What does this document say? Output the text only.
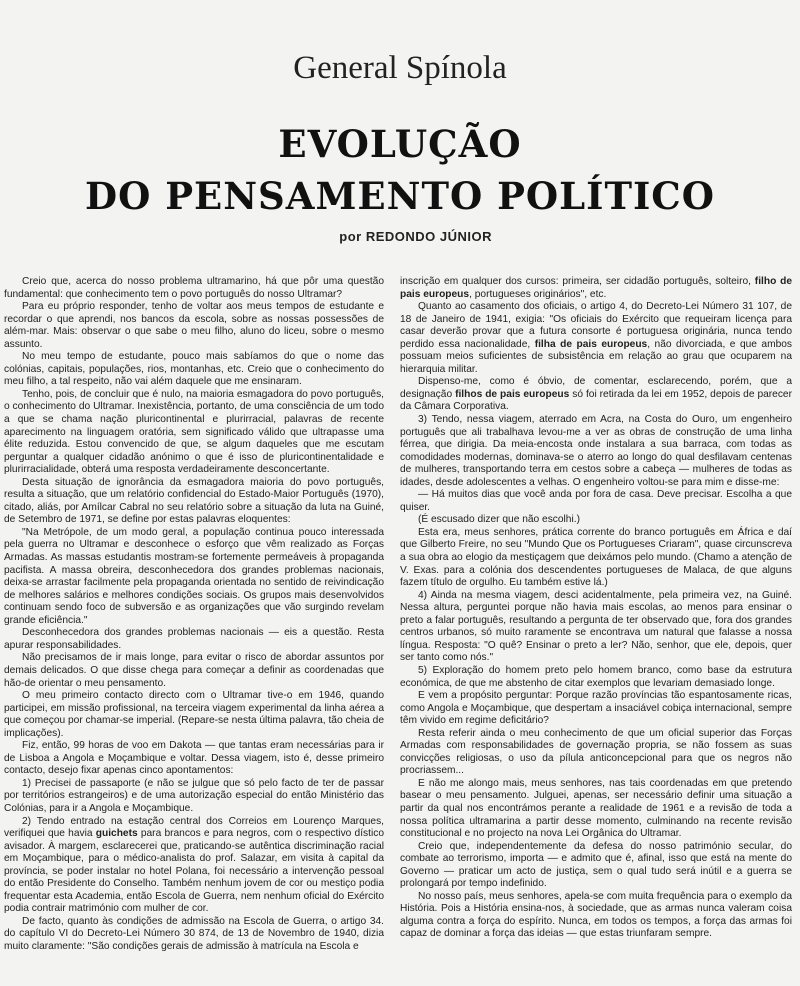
General Spínola
EVOLUÇÃO
DO PENSAMENTO POLÍTICO
por REDONDO JÚNIOR

Creio que, acerca do nosso problema ultramarino, há que pôr uma questão fundamental: que conhecimento tem o povo português do nosso Ultramar?

Para eu próprio responder, tenho de voltar aos meus tempos de estudante e recordar o que aprendi, nos bancos da escola, sobre as nossas possessões de além-mar. Mais: observar o que sabe o meu filho, aluno do liceu, sobre o mesmo assunto.

No meu tempo de estudante, pouco mais sabíamos do que o nome das colónias, capitais, populações, rios, montanhas, etc. Creio que o conhecimento do meu filho, a tal respeito, não vai além daquele que me ensinaram.

Tenho, pois, de concluir que é nulo, na maioria esmagadora do povo português, o conhecimento do Ultramar. Inexistência, portanto, de uma consciência de um todo a que se chama nação pluricontinental e plurirracial, palavras de recente aparecimento na linguagem oratória, sem significado válido que ultrapasse uma élite reduzida. Estou convencido de que, se algum daqueles que me escutam perguntar a qualquer cidadão anónimo o que é isso de pluricontinentalidade e plurirracialidade, obterá uma resposta verdadeiramente desconcertante.

Desta situação de ignorância da esmagadora maioria do povo português, resulta a situação, que um relatório confidencial do Estado-Maior Português (1970), citado, aliás, por Amílcar Cabral no seu relatório sobre a situação da luta na Guiné, de Setembro de 1971, se define por estas palavras eloquentes:

"Na Metrópole, de um modo geral, a população continua pouco interessada pela guerra no Ultramar e desconhece o esforço que vêm realizado as Forças Armadas. As massas estudantis mostram-se fortemente permeáveis à propaganda pacifista. A massa obreira, desconhecedora dos grandes problemas nacionais, deixa-se arrastar facilmente pela propaganda orientada no sentido de reivindicação de melhores salários e melhores condições sociais. Os grupos mais desenvolvidos continuam sendo foco de subversão e as organizações que vão surgindo revelam grande eficiência."

Desconhecedora dos grandes problemas nacionais — eis a questão. Resta apurar responsabilidades.

Não precisamos de ir mais longe, para evitar o risco de abordar assuntos por demais delicados. O que disse chega para começar a definir as coordenadas que hão-de orientar o meu pensamento.

O meu primeiro contacto directo com o Ultramar tive-o em 1946, quando participei, em missão profissional, na terceira viagem experimental da linha aérea a que começou por chamar-se imperial. (Repare-se nesta última palavra, tão cheia de implicações).

Fiz, então, 99 horas de voo em Dakota — que tantas eram necessárias para ir de Lisboa a Angola e Moçambique e voltar. Dessa viagem, isto é, desse primeiro contacto, desejo fixar apenas cinco apontamentos:

1) Precisei de passaporte (e não se julgue que só pelo facto de ter de passar por territórios estrangeiros) e de uma autorização especial do então Ministério das Colónias, para ir a Angola e Moçambique.

2) Tendo entrado na estação central dos Correios em Lourenço Marques, verifiquei que havia guichets para brancos e para negros, com o respectivo dístico avisador. À margem, esclarecerei que, praticando-se autêntica discriminação racial em Moçambique, para o médico-analista do prof. Salazar, em visita à capital da província, se poder instalar no hotel Polana, foi necessário a intervenção pessoal do então Presidente do Conselho. Também nenhum jovem de cor ou mestiço podia frequentar esta Academia, então Escola de Guerra, nem nenhum oficial do Exército podia contrair matrimónio com mulher de cor.

De facto, quanto às condições de admissão na Escola de Guerra, o artigo 34. do capítulo VI do Decreto-Lei Número 30 874, de 13 de Novembro de 1940, dizia muito claramente: "São condições gerais de admissão à matrícula na Escola e

inscrição em qualquer dos cursos: primeira, ser cidadão português, solteiro, filho de pais europeus, portugueses originários", etc.

Quanto ao casamento dos oficiais, o artigo 4, do Decreto-Lei Número 31 107, de 18 de Janeiro de 1941, exigia: "Os oficiais do Exército que requeiram licença para casar deverão provar que a futura consorte é portuguesa originária, nunca tendo perdido essa nacionalidade, filha de pais europeus, não divorciada, e que ambos possuam meios suficientes de subsistência em relação ao grau que ocuparem na hierarquia militar.

Dispenso-me, como é óbvio, de comentar, esclarecendo, porém, que a designação filhos de pais europeus só foi retirada da lei em 1952, depois de parecer da Câmara Corporativa.

3) Tendo, nessa viagem, aterrado em Acra, na Costa do Ouro, um engenheiro português que ali trabalhava levou-me a ver as obras de construção de uma linha férrea, que dirigia. Da meia-encosta onde instalara a sua barraca, com todas as comodidades modernas, dominava-se o aterro ao longo do qual desfilavam centenas de mulheres, transportando terra em cestos sobre a cabeça — mulheres de todas as idades, desde adolescentes a velhas. O engenheiro voltou-se para mim e disse-me:

— Há muitos dias que você anda por fora de casa. Deve precisar. Escolha a que quiser.

(É escusado dizer que não escolhi.)

Esta era, meus senhores, prática corrente do branco português em África e daí que Gilberto Freire, no seu "Mundo Que os Portugueses Criaram", quase circunscreva a sua obra ao elogio da mestiçagem que deixámos pelo mundo. (Chamo a atenção de V. Exas. para a colónia dos descendentes portugueses de Malaca, de que alguns fazem título de orgulho. Eu também estive lá.)

4) Ainda na mesma viagem, desci acidentalmente, pela primeira vez, na Guiné. Nessa altura, perguntei porque não havia mais escolas, ao menos para ensinar o preto a falar português, resultando a pergunta de ter observado que, fora dos grandes centros urbanos, só muito raramente se encontrava um natural que falasse a nossa língua. Resposta: "O quê? Ensinar o preto a ler? Não, senhor, que ele, depois, quer ser tanto como nós."

5) Exploração do homem preto pelo homem branco, como base da estrutura económica, de que me abstenho de citar exemplos que levariam demasiado longe.

E vem a propósito perguntar: Porque razão províncias tão espantosamente ricas, como Angola e Moçambique, que despertam a insaciável cobiça internacional, sempre têm vivido em regime deficitário?

Resta referir ainda o meu conhecimento de que um oficial superior das Forças Armadas com responsabilidades de governação propria, se não fossem as suas convicções religiosas, o uso da pílula anticoncepcional para que os negros não procriassem...

E não me alongo mais, meus senhores, nas tais coordenadas em que pretendo basear o meu pensamento. Julguei, apenas, ser necessário definir uma situação a partir da qual nos encontrámos perante a realidade de 1961 e a revisão de toda a nossa política ultramarina a partir desse momento, culminando na recente revisão constitucional e no projecto na nova Lei Orgânica do Ultramar.

Creio que, independentemente da defesa do nosso património secular, do combate ao terrorismo, importa — e admito que é, afinal, isso que está na mente do Governo — praticar um acto de justiça, sem o qual tudo será inútil e a guerra se prolongará por tempo indefinido.

No nosso país, meus senhores, apela-se com muita frequência para o exemplo da História. Pois a História ensina-nos, à sociedade, que as armas nunca valeram coisa alguma contra a força do espírito. Nunca, em todos os tempos, a força das armas foi capaz de dominar a força das ideias — que estas triunfaram sempre.
